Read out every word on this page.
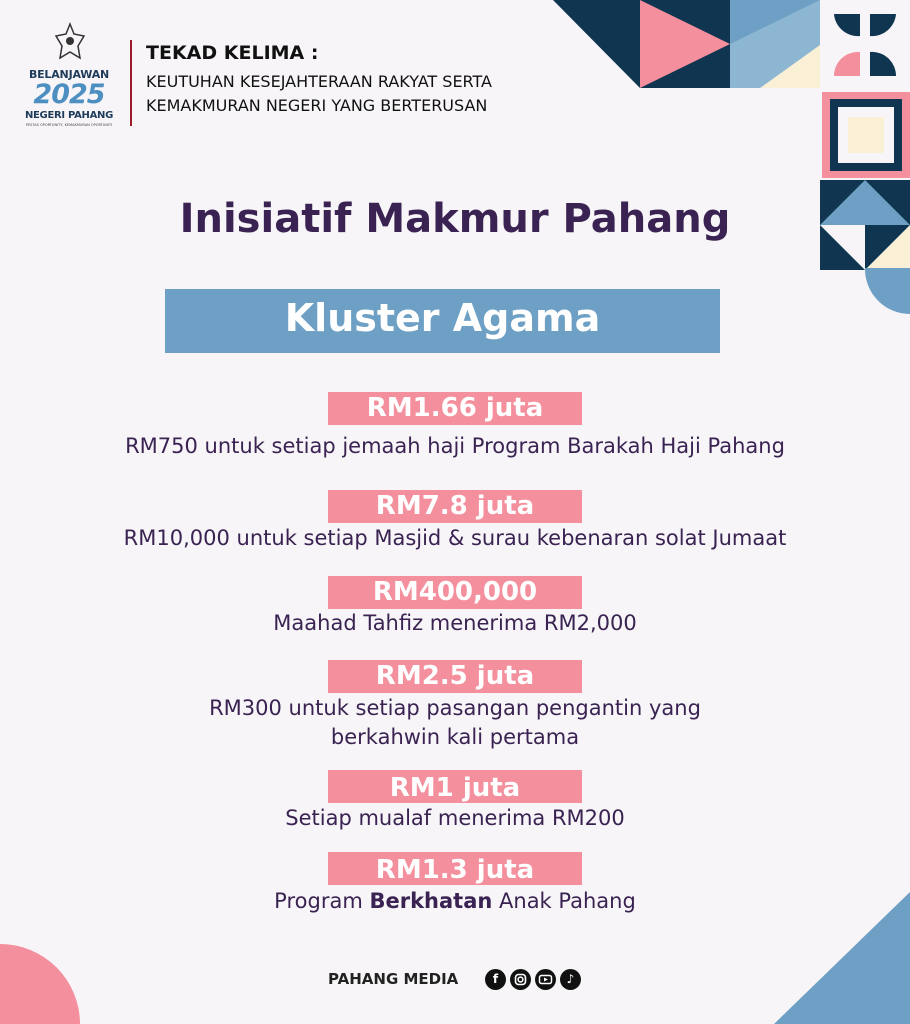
BELANJAWAN
2025
NEGERI PAHANG
PESTAS OPORTUNITY, KEMAKMURAN OPORTUNITI
TEKAD KELIMA :
KEUTUHAN KESEJAHTERAAN RAKYAT SERTA
KEMAKMURAN NEGERI YANG BERTERUSAN
Inisiatif Makmur Pahang
Kluster Agama
RM1.66 juta
RM750 untuk setiap jemaah haji Program Barakah Haji Pahang
RM7.8 juta
RM10,000 untuk setiap Masjid & surau kebenaran solat Jumaat
RM400,000
Maahad Tahfiz menerima RM2,000
RM2.5 juta
RM300 untuk setiap pasangan pengantin yang
berkahwin kali pertama
RM1 juta
Setiap mualaf menerima RM200
RM1.3 juta
Program Berkhatan Anak Pahang
PAHANG MEDIA	f	♪
